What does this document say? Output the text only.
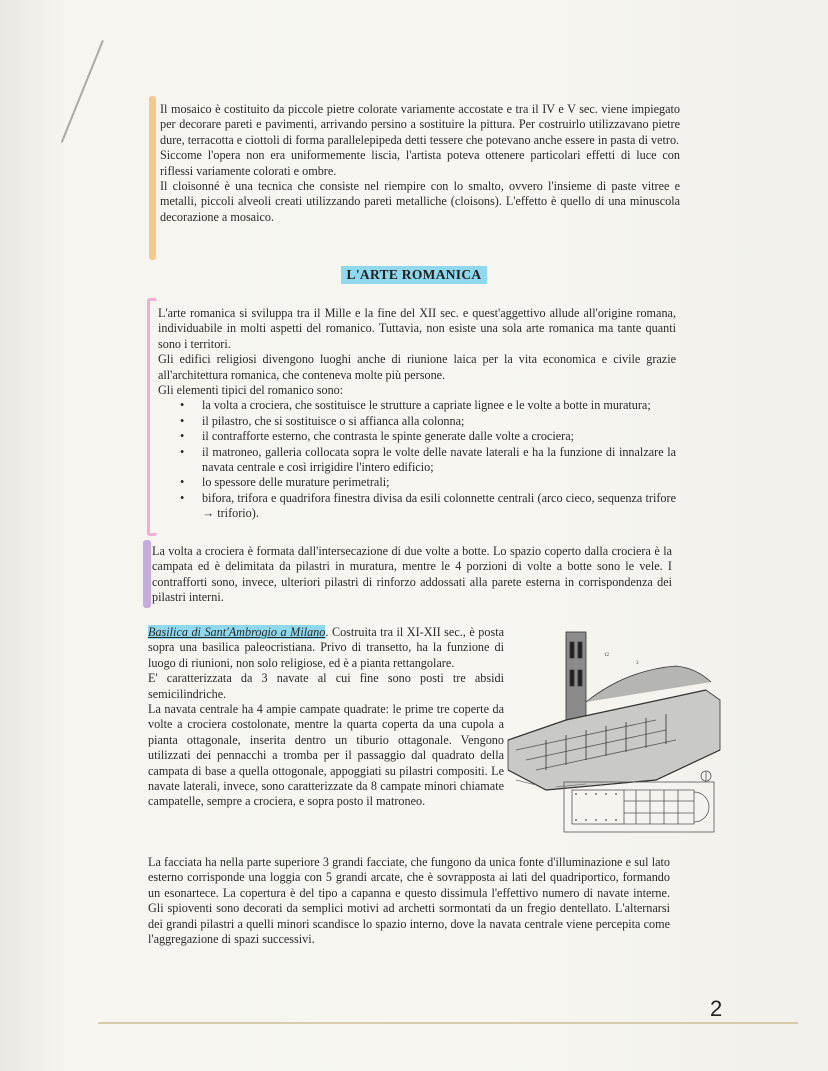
Il mosaico è costituito da piccole pietre colorate variamente accostate e tra il IV e V sec. viene impiegato per decorare pareti e pavimenti, arrivando persino a sostituire la pittura. Per costruirlo utilizzavano pietre dure, terracotta e ciottoli di forma parallelepipeda detti tessere che potevano anche essere in pasta di vetro.

Siccome l'opera non era uniformemente liscia, l'artista poteva ottenere particolari effetti di luce con riflessi variamente colorati e ombre.

Il cloisonné è una tecnica che consiste nel riempire con lo smalto, ovvero l'insieme di paste vitree e metalli, piccoli alveoli creati utilizzando pareti metalliche (cloisons). L'effetto è quello di una minuscola decorazione a mosaico.

L'ARTE ROMANICA

L'arte romanica si sviluppa tra il Mille e la fine del XII sec. e quest'aggettivo allude all'origine romana, individuabile in molti aspetti del romanico. Tuttavia, non esiste una sola arte romanica ma tante quanti sono i territori.

Gli edifici religiosi divengono luoghi anche di riunione laica per la vita economica e civile grazie all'architettura romanica, che conteneva molte più persone.

Gli elementi tipici del romanico sono:

• la volta a crociera, che sostituisce le strutture a capriate lignee e le volte a botte in muratura;
• il pilastro, che si sostituisce o si affianca alla colonna;
• il contrafforte esterno, che contrasta le spinte generate dalle volte a crociera;
• il matroneo, galleria collocata sopra le volte delle navate laterali e ha la funzione di innalzare la navata centrale e così irrigidire l'intero edificio;
• lo spessore delle murature perimetrali;
• bifora, trifora e quadrifora finestra divisa da esili colonnette centrali (arco cieco, sequenza trifore → triforio).

La volta a crociera è formata dall'intersecazione di due volte a botte. Lo spazio coperto dalla crociera è la campata ed è delimitata da pilastri in muratura, mentre le 4 porzioni di volte a botte sono le vele. I contrafforti sono, invece, ulteriori pilastri di rinforzo addossati alla parete esterna in corrispondenza dei pilastri interni.

Basilica di Sant'Ambrogio a Milano. Costruita tra il XI-XII sec., è posta sopra una basilica paleocristiana. Privo di transetto, ha la funzione di luogo di riunioni, non solo religiose, ed è a pianta rettangolare.

E' caratterizzata da 3 navate al cui fine sono posti tre absidi semicilindriche.

La navata centrale ha 4 ampie campate quadrate: le prime tre coperte da volte a crociera costolonate, mentre la quarta coperta da una cupola a pianta ottagonale, inserita dentro un tiburio ottagonale. Vengono utilizzati dei pennacchi a tromba per il passaggio dal quadrato della campata di base a quella ottogonale, appoggiati su pilastri compositi. Le navate laterali, invece, sono caratterizzate da 8 campate minori chiamate campatelle, sempre a crociera, e sopra posto il matroneo.

12
3

La facciata ha nella parte superiore 3 grandi facciate, che fungono da unica fonte d'illuminazione e sul lato esterno corrisponde una loggia con 5 grandi arcate, che è sovrapposta ai lati del quadriportico, formando un esonartece. La copertura è del tipo a capanna e questo dissimula l'effettivo numero di navate interne. Gli spioventi sono decorati da semplici motivi ad archetti sormontati da un fregio dentellato. L'alternarsi dei grandi pilastri a quelli minori scandisce lo spazio interno, dove la navata centrale viene percepita come l'aggregazione di spazi successivi.

2
